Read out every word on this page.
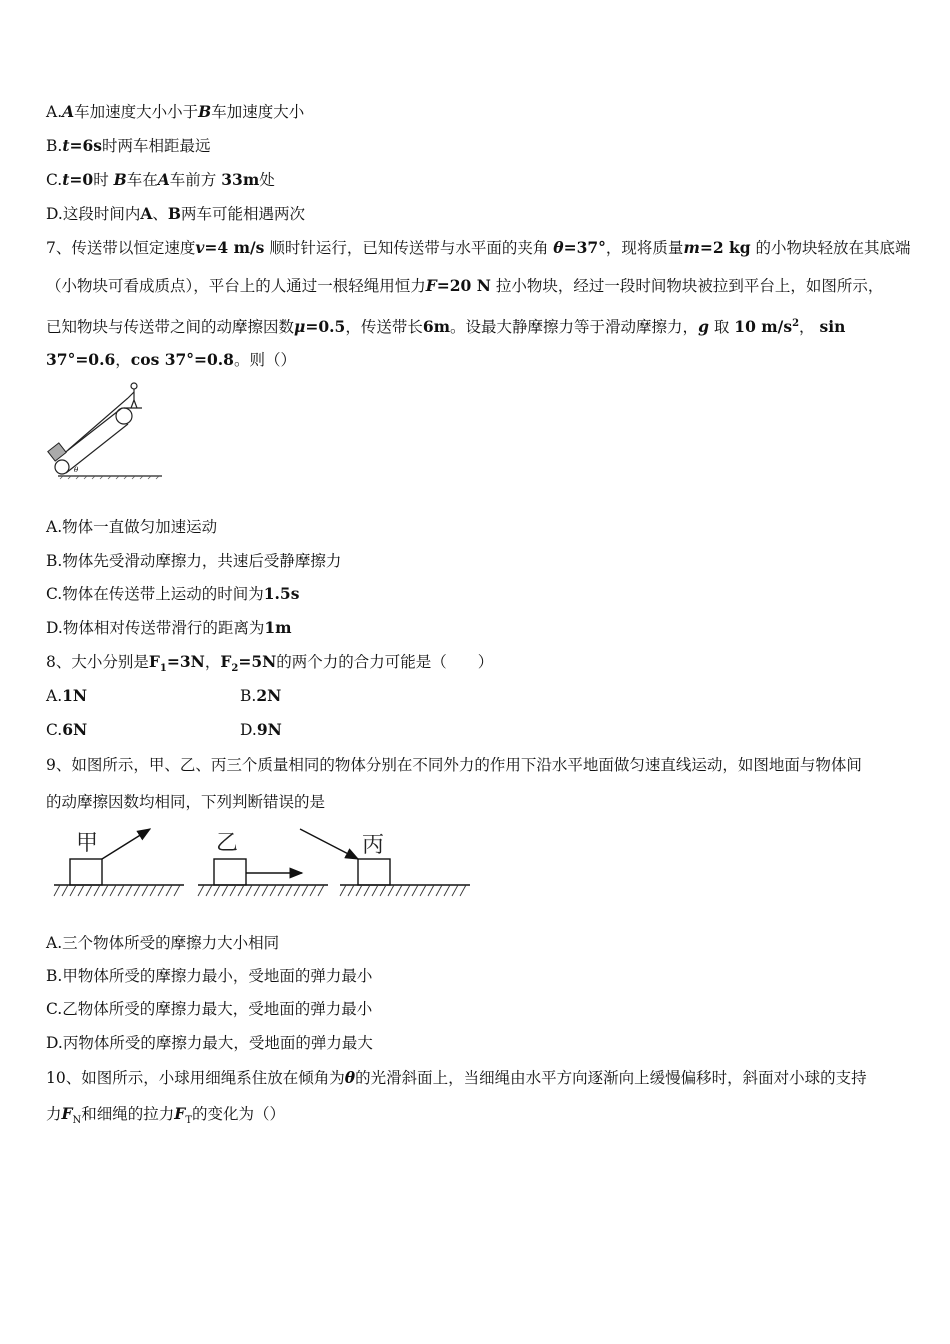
A.A车加速度大小小于B车加速度大小
B.t=6s时两车相距最远
C.t=0时 B车在A车前方 33m处
D.这段时间内A、B两车可能相遇两次
7、传送带以恒定速度v=4 m/s 顺时针运行，已知传送带与水平面的夹角 θ=37°，现将质量m=2 kg 的小物块轻放在其底端
（小物块可看成质点），平台上的人通过一根轻绳用恒力F=20 N 拉小物块，经过一段时间物块被拉到平台上，如图所示，
已知物块与传送带之间的动摩擦因数μ=0.5，传送带长6m。设最大静摩擦力等于滑动摩擦力，g 取 10 $m/s^2$， sin
37°=0.6，cos 37°=0.8。则（）
θ
A.物体一直做匀加速运动
B.物体先受滑动摩擦力，共速后受静摩擦力
C.物体在传送带上运动的时间为1.5s
D.物体相对传送带滑行的距离为1m
8、大小分别是$F_1=3N$，$F_2=5N$的两个力的合力可能是（　　）
A.1N	B.2N
C.6N	D.9N
9、如图所示，甲、乙、丙三个质量相同的物体分别在不同外力的作用下沿水平地面做匀速直线运动，如图地面与物体间
的动摩擦因数均相同，下列判断错误的是
甲	乙	丙
A.三个物体所受的摩擦力大小相同
B.甲物体所受的摩擦力最小，受地面的弹力最小
C.乙物体所受的摩擦力最大，受地面的弹力最小
D.丙物体所受的摩擦力最大，受地面的弹力最大
10、如图所示，小球用细绳系住放在倾角为θ的光滑斜面上，当细绳由水平方向逐渐向上缓慢偏移时，斜面对小球的支持
力$F_N$和细绳的拉力$F_T$的变化为（）
